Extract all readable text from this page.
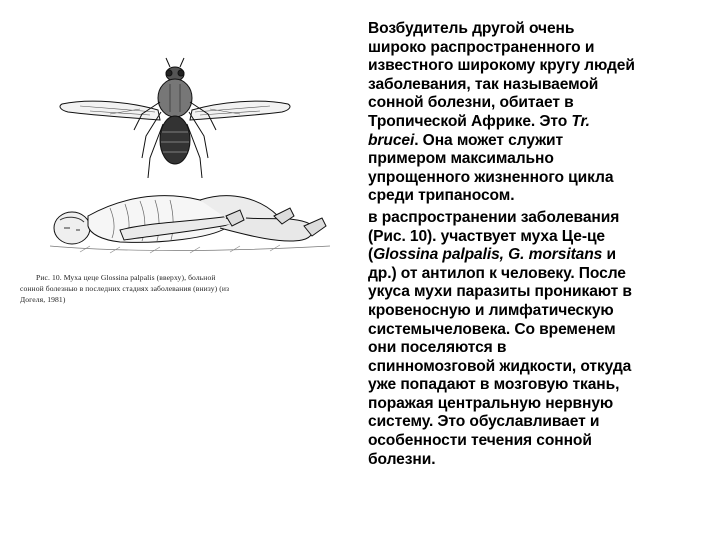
Рис. 10. Муха цеце Glossina palpalis (вверху), больной

сонной болезнью в последних стадиях заболевания (внизу) (из

Догеля, 1981)

Возбудитель другой очень
широко распространенного и
известного широкому кругу людей
заболевания, так называемой
сонной болезни, обитает в
Тропической Африке. Это Tr.
brucei. Она может служит
примером максимально
упрощенного жизненного цикла
среди трипаносом.

в распространении заболевания
(Рис. 10). участвует муха Це-це
(Glossina palpalis, G. morsitans и
др.) от антилоп к человеку. После
укуса мухи паразиты проникают в
кровеносную и лимфатическую
системычеловека. Со временем
они поселяются в
спинномозговой жидкости, откуда
уже попадают в мозговую ткань,
поражая центральную нервную
систему. Это обуславливает и
особенности течения сонной
болезни.
